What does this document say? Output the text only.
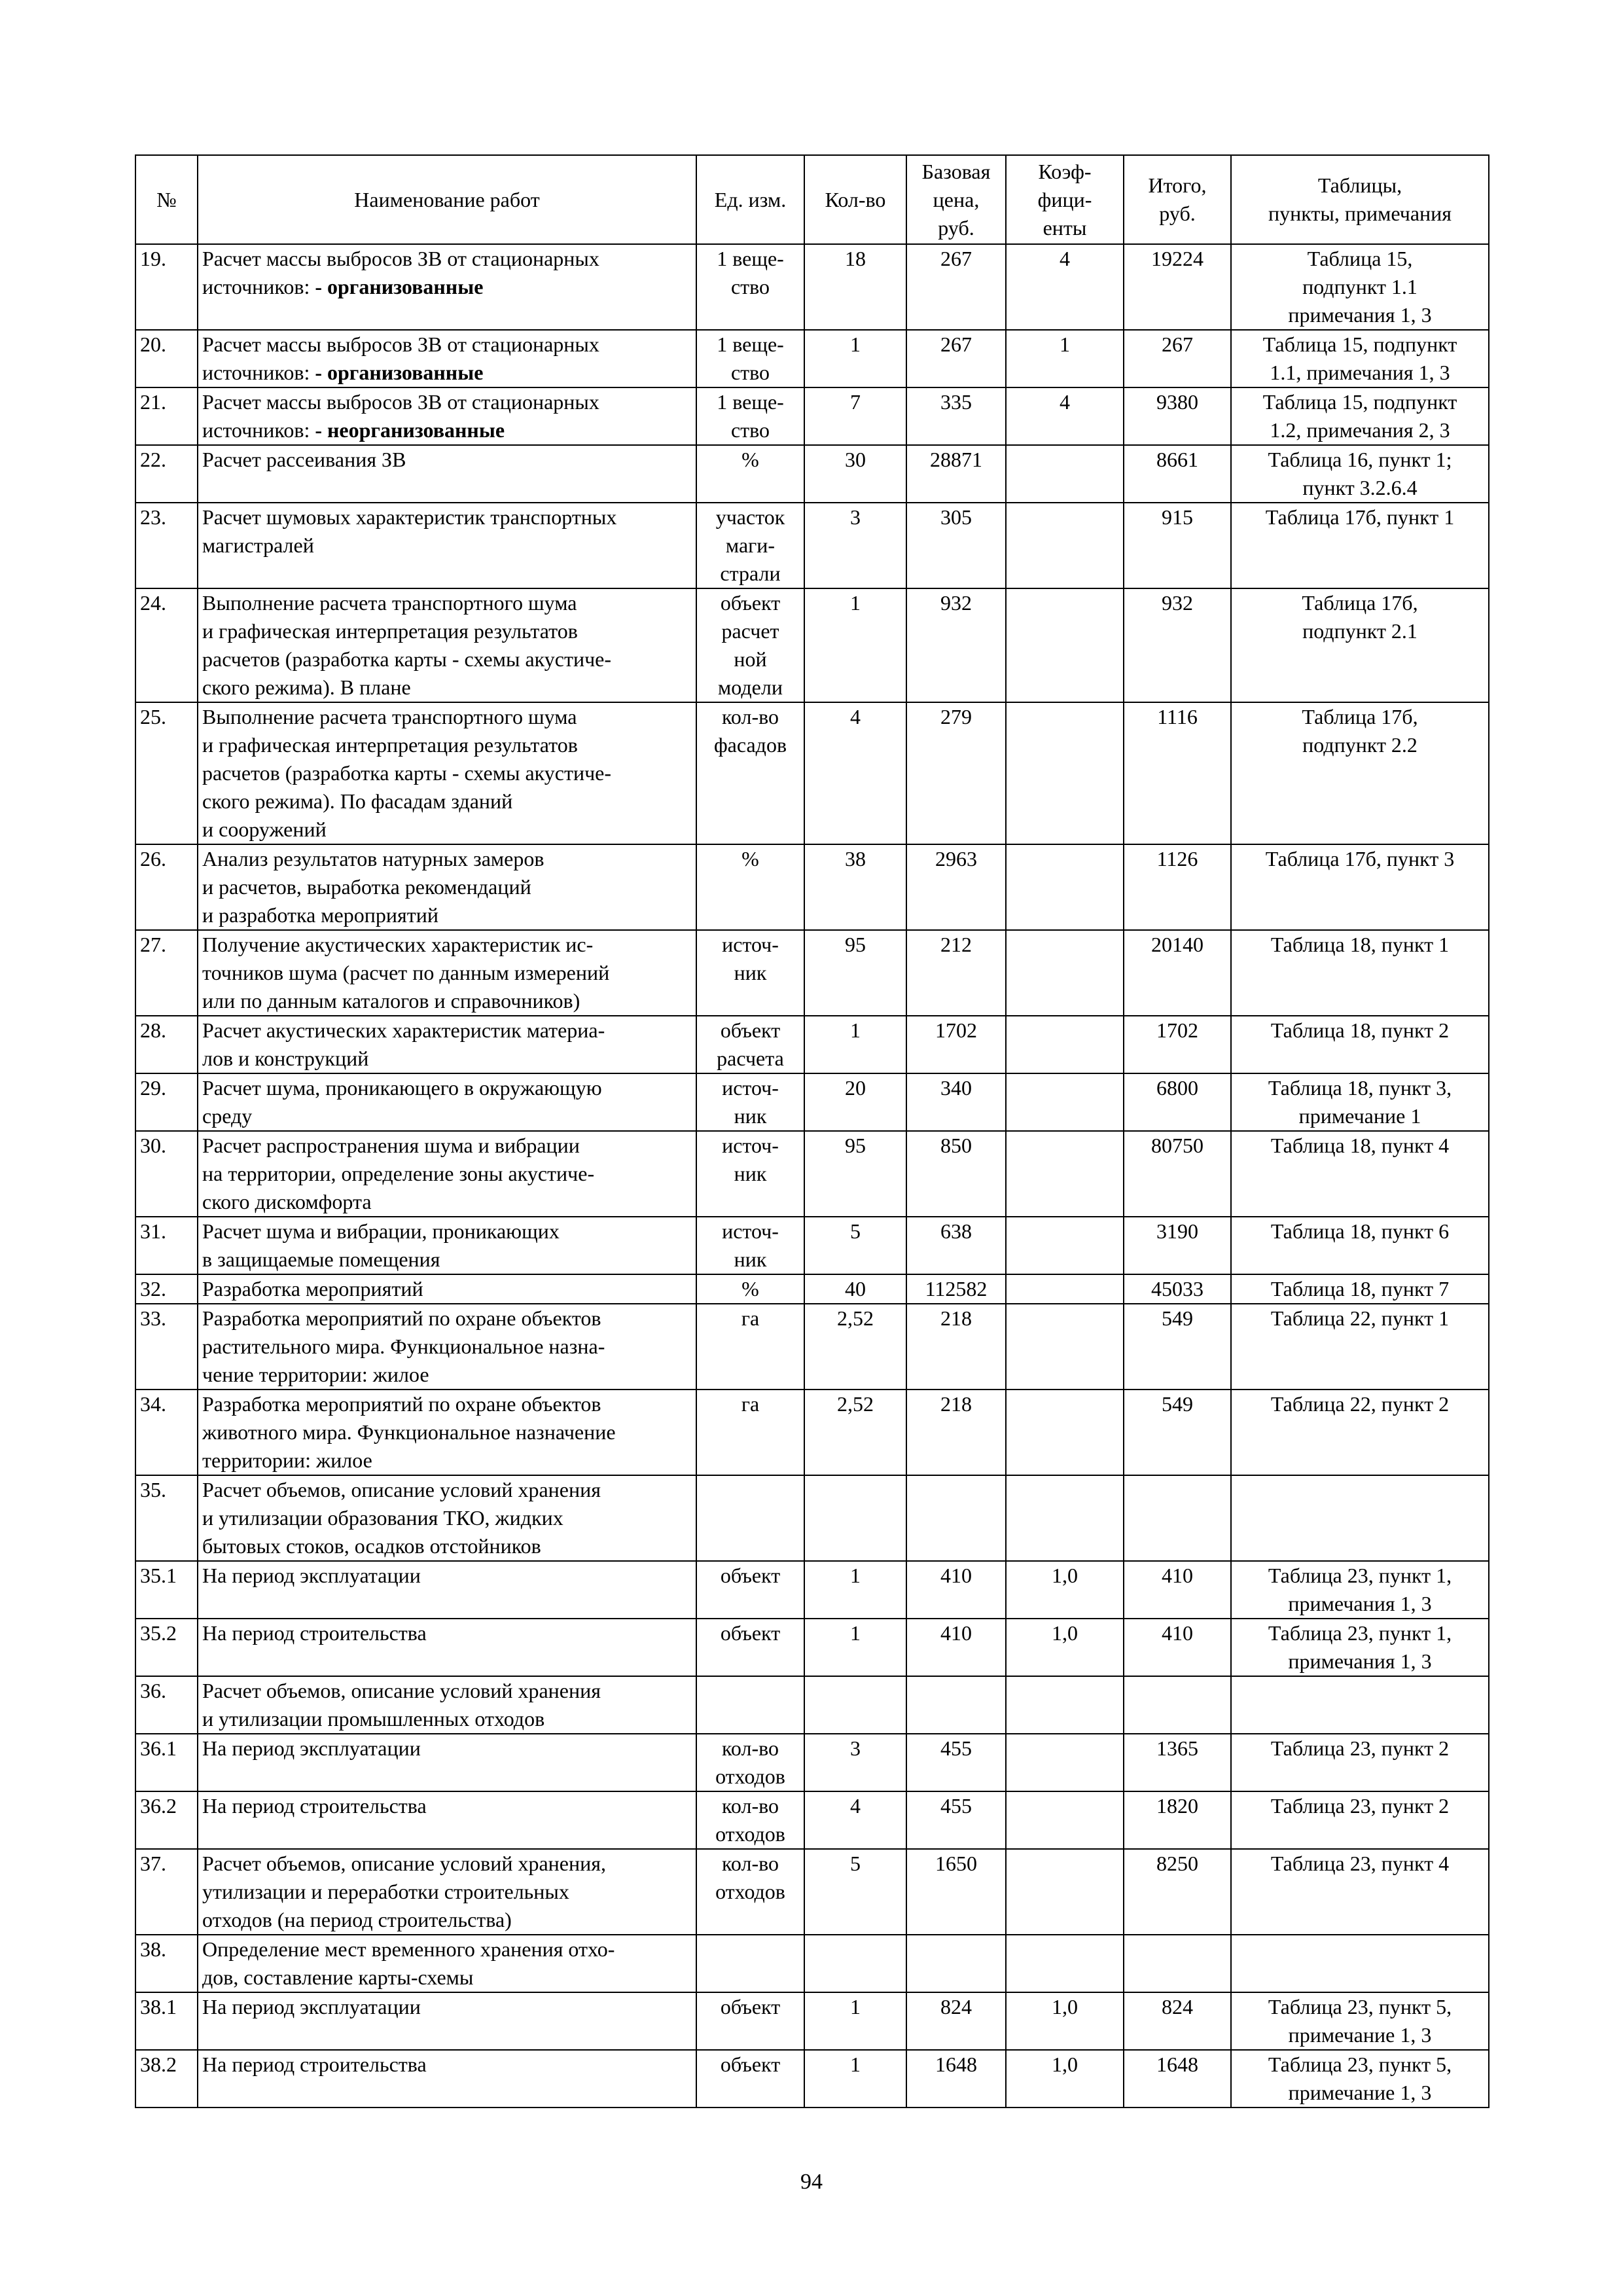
№	Наименование работ	Ед. изм.	Кол-во	Базовая
цена,
руб.	Коэф-
фици-
енты	Итого,
руб.	Таблицы,
пункты, примечания

19.	Расчет массы выбросов ЗВ от стационарных
источников: - организованные	1 веще-
ство	18	267	4	19224	Таблица 15,
подпункт 1.1
примечания 1, 3

20.	Расчет массы выбросов ЗВ от стационарных
источников: - организованные	1 веще-
ство	1	267	1	267	Таблица 15, подпункт
1.1, примечания 1, 3

21.	Расчет массы выбросов ЗВ от стационарных
источников: - неорганизованные	1 веще-
ство	7	335	4	9380	Таблица 15, подпункт
1.2, примечания 2, 3

22.	Расчет рассеивания ЗВ	%	30	28871		8661	Таблица 16, пункт 1;
пункт 3.2.6.4

23.	Расчет шумовых характеристик транспортных
магистралей	участок
маги-
страли	3	305		915	Таблица 17б, пункт 1

24.	Выполнение расчета транспортного шума
и графическая интерпретация результатов
расчетов (разработка карты - схемы акустиче-
ского режима). В плане	объект
расчет
ной
модели	1	932		932	Таблица 17б,
подпункт 2.1

25.	Выполнение расчета транспортного шума
и графическая интерпретация результатов
расчетов (разработка карты - схемы акустиче-
ского режима). По фасадам зданий
и сооружений	кол-во
фасадов	4	279		1116	Таблица 17б,
подпункт 2.2

26.	Анализ результатов натурных замеров
и расчетов, выработка рекомендаций
и разработка мероприятий	%	38	2963		1126	Таблица 17б, пункт 3

27.	Получение акустических характеристик ис-
точников шума (расчет по данным измерений
или по данным каталогов и справочников)	источ-
ник	95	212		20140	Таблица 18, пункт 1

28.	Расчет акустических характеристик материа-
лов и конструкций	объект
расчета	1	1702		1702	Таблица 18, пункт 2

29.	Расчет шума, проникающего в окружающую
среду	источ-
ник	20	340		6800	Таблица 18, пункт 3,
примечание 1

30.	Расчет распространения шума и вибрации
на территории, определение зоны акустиче-
ского дискомфорта	источ-
ник	95	850		80750	Таблица 18, пункт 4

31.	Расчет шума и вибрации, проникающих
в защищаемые помещения	источ-
ник	5	638		3190	Таблица 18, пункт 6

32.	Разработка мероприятий	%	40	112582		45033	Таблица 18, пункт 7

33.	Разработка мероприятий по охране объектов
растительного мира. Функциональное назна-
чение территории: жилое	га	2,52	218		549	Таблица 22, пункт 1

34.	Разработка мероприятий по охране объектов
животного мира. Функциональное назначение
территории: жилое	га	2,52	218		549	Таблица 22, пункт 2

35.	Расчет объемов, описание условий хранения
и утилизации образования ТКО, жидких
бытовых стоков, осадков отстойников						

35.1	На период эксплуатации	объект	1	410	1,0	410	Таблица 23, пункт 1,
примечания 1, 3

35.2	На период строительства	объект	1	410	1,0	410	Таблица 23, пункт 1,
примечания 1, 3

36.	Расчет объемов, описание условий хранения
и утилизации промышленных отходов						

36.1	На период эксплуатации	кол-во
отходов	3	455		1365	Таблица 23, пункт 2

36.2	На период строительства	кол-во
отходов	4	455		1820	Таблица 23, пункт 2

37.	Расчет объемов, описание условий хранения,
утилизации и переработки строительных
отходов (на период строительства)	кол-во
отходов	5	1650		8250	Таблица 23, пункт 4

38.	Определение мест временного хранения отхо-
дов, составление карты-схемы						

38.1	На период эксплуатации	объект	1	824	1,0	824	Таблица 23, пункт 5,
примечание 1, 3

38.2	На период строительства	объект	1	1648	1,0	1648	Таблица 23, пункт 5,
примечание 1, 3
94
